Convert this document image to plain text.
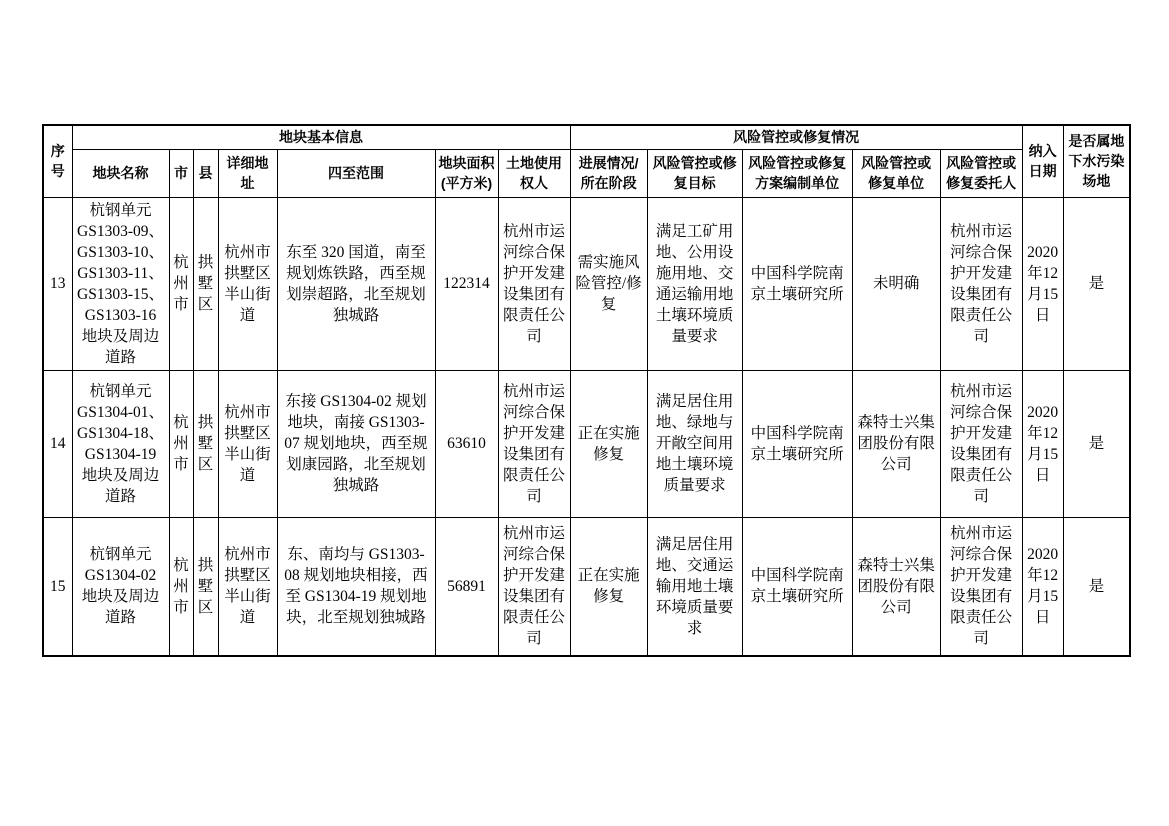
序号	地块基本信息							风险管控或修复情况					纳入日期	是否属地下水污染场地
	地块名称	市	县	详细地址	四至范围	地块面积(平方米)	土地使用权人	进展情况/所在阶段	风险管控或修复目标	风险管控或修复方案编制单位	风险管控或修复单位	风险管控或修复委托人		
13	杭钢单元 GS1303-09、GS1303-10、GS1303-11、GS1303-15、GS1303-16 地块及周边道路	杭州市	拱墅区	杭州市拱墅区半山街道	东至 320 国道，南至规划炼铁路，西至规划崇超路，北至规划独城路	122314	杭州市运河综合保护开发建设集团有限责任公司	需实施风险管控/修复	满足工矿用地、公用设施用地、交通运输用地土壤环境质量要求	中国科学院南京土壤研究所	未明确	杭州市运河综合保护开发建设集团有限责任公司	2020年12月15日	是
14	杭钢单元 GS1304-01、GS1304-18、GS1304-19 地块及周边道路	杭州市	拱墅区	杭州市拱墅区半山街道	东接 GS1304-02 规划地块，南接 GS1303-07 规划地块，西至规划康园路，北至规划独城路	63610	杭州市运河综合保护开发建设集团有限责任公司	正在实施修复	满足居住用地、绿地与开敞空间用地土壤环境质量要求	中国科学院南京土壤研究所	森特士兴集团股份有限公司	杭州市运河综合保护开发建设集团有限责任公司	2020年12月15日	是
15	杭钢单元 GS1304-02 地块及周边道路	杭州市	拱墅区	杭州市拱墅区半山街道	东、南均与 GS1303-08 规划地块相接，西至 GS1304-19 规划地块，北至规划独城路	56891	杭州市运河综合保护开发建设集团有限责任公司	正在实施修复	满足居住用地、交通运输用地土壤环境质量要求	中国科学院南京土壤研究所	森特士兴集团股份有限公司	杭州市运河综合保护开发建设集团有限责任公司	2020年12月15日	是
